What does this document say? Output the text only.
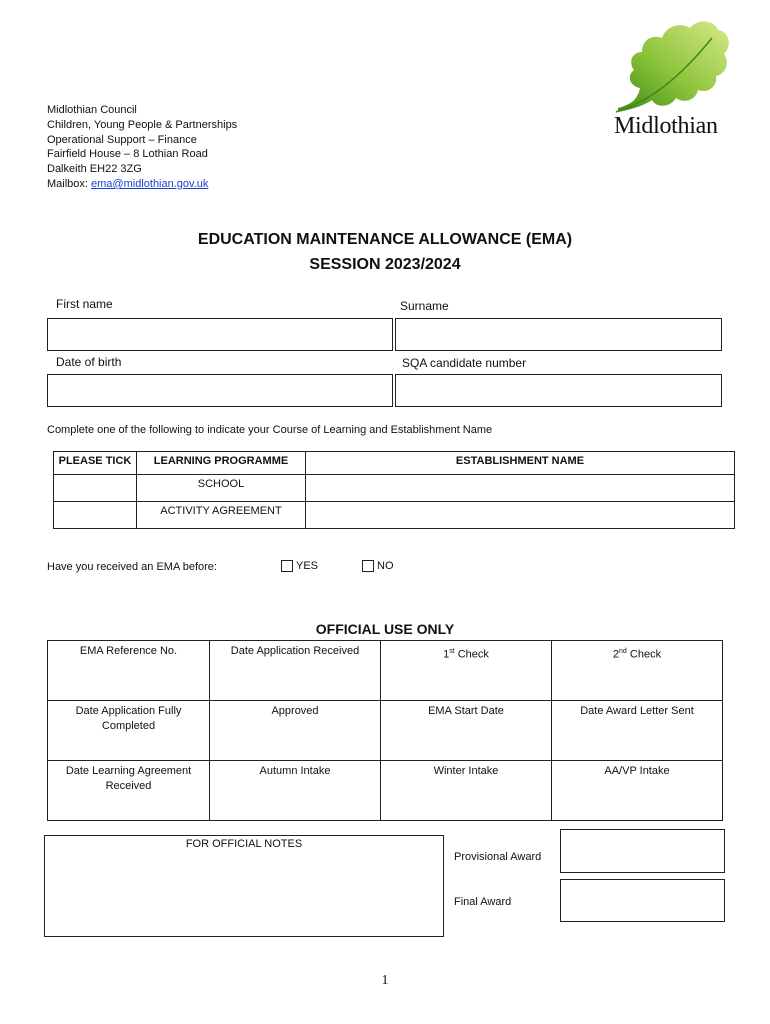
Midlothian Council
Children, Young People & Partnerships
Operational Support – Finance
Fairfield House – 8 Lothian Road
Dalkeith EH22 3ZG
Mailbox: ema@midlothian.gov.uk
Midlothian
EDUCATION MAINTENANCE ALLOWANCE (EMA)
SESSION 2023/2024
First name	Surname
Date of birth	SQA candidate number
Complete one of the following to indicate your Course of Learning and Establishment Name
PLEASE TICK	LEARNING PROGRAMME	ESTABLISHMENT NAME
	SCHOOL	
	ACTIVITY AGREEMENT	
Have you received an EMA before:	YES	NO
OFFICIAL USE ONLY
EMA Reference No.	Date Application Received	1st Check	2nd Check
Date Application Fully Completed	Approved	EMA Start Date	Date Award Letter Sent
Date Learning Agreement Received	Autumn Intake	Winter Intake	AA/VP Intake
FOR OFFICIAL NOTES
Provisional Award
Final Award
1
